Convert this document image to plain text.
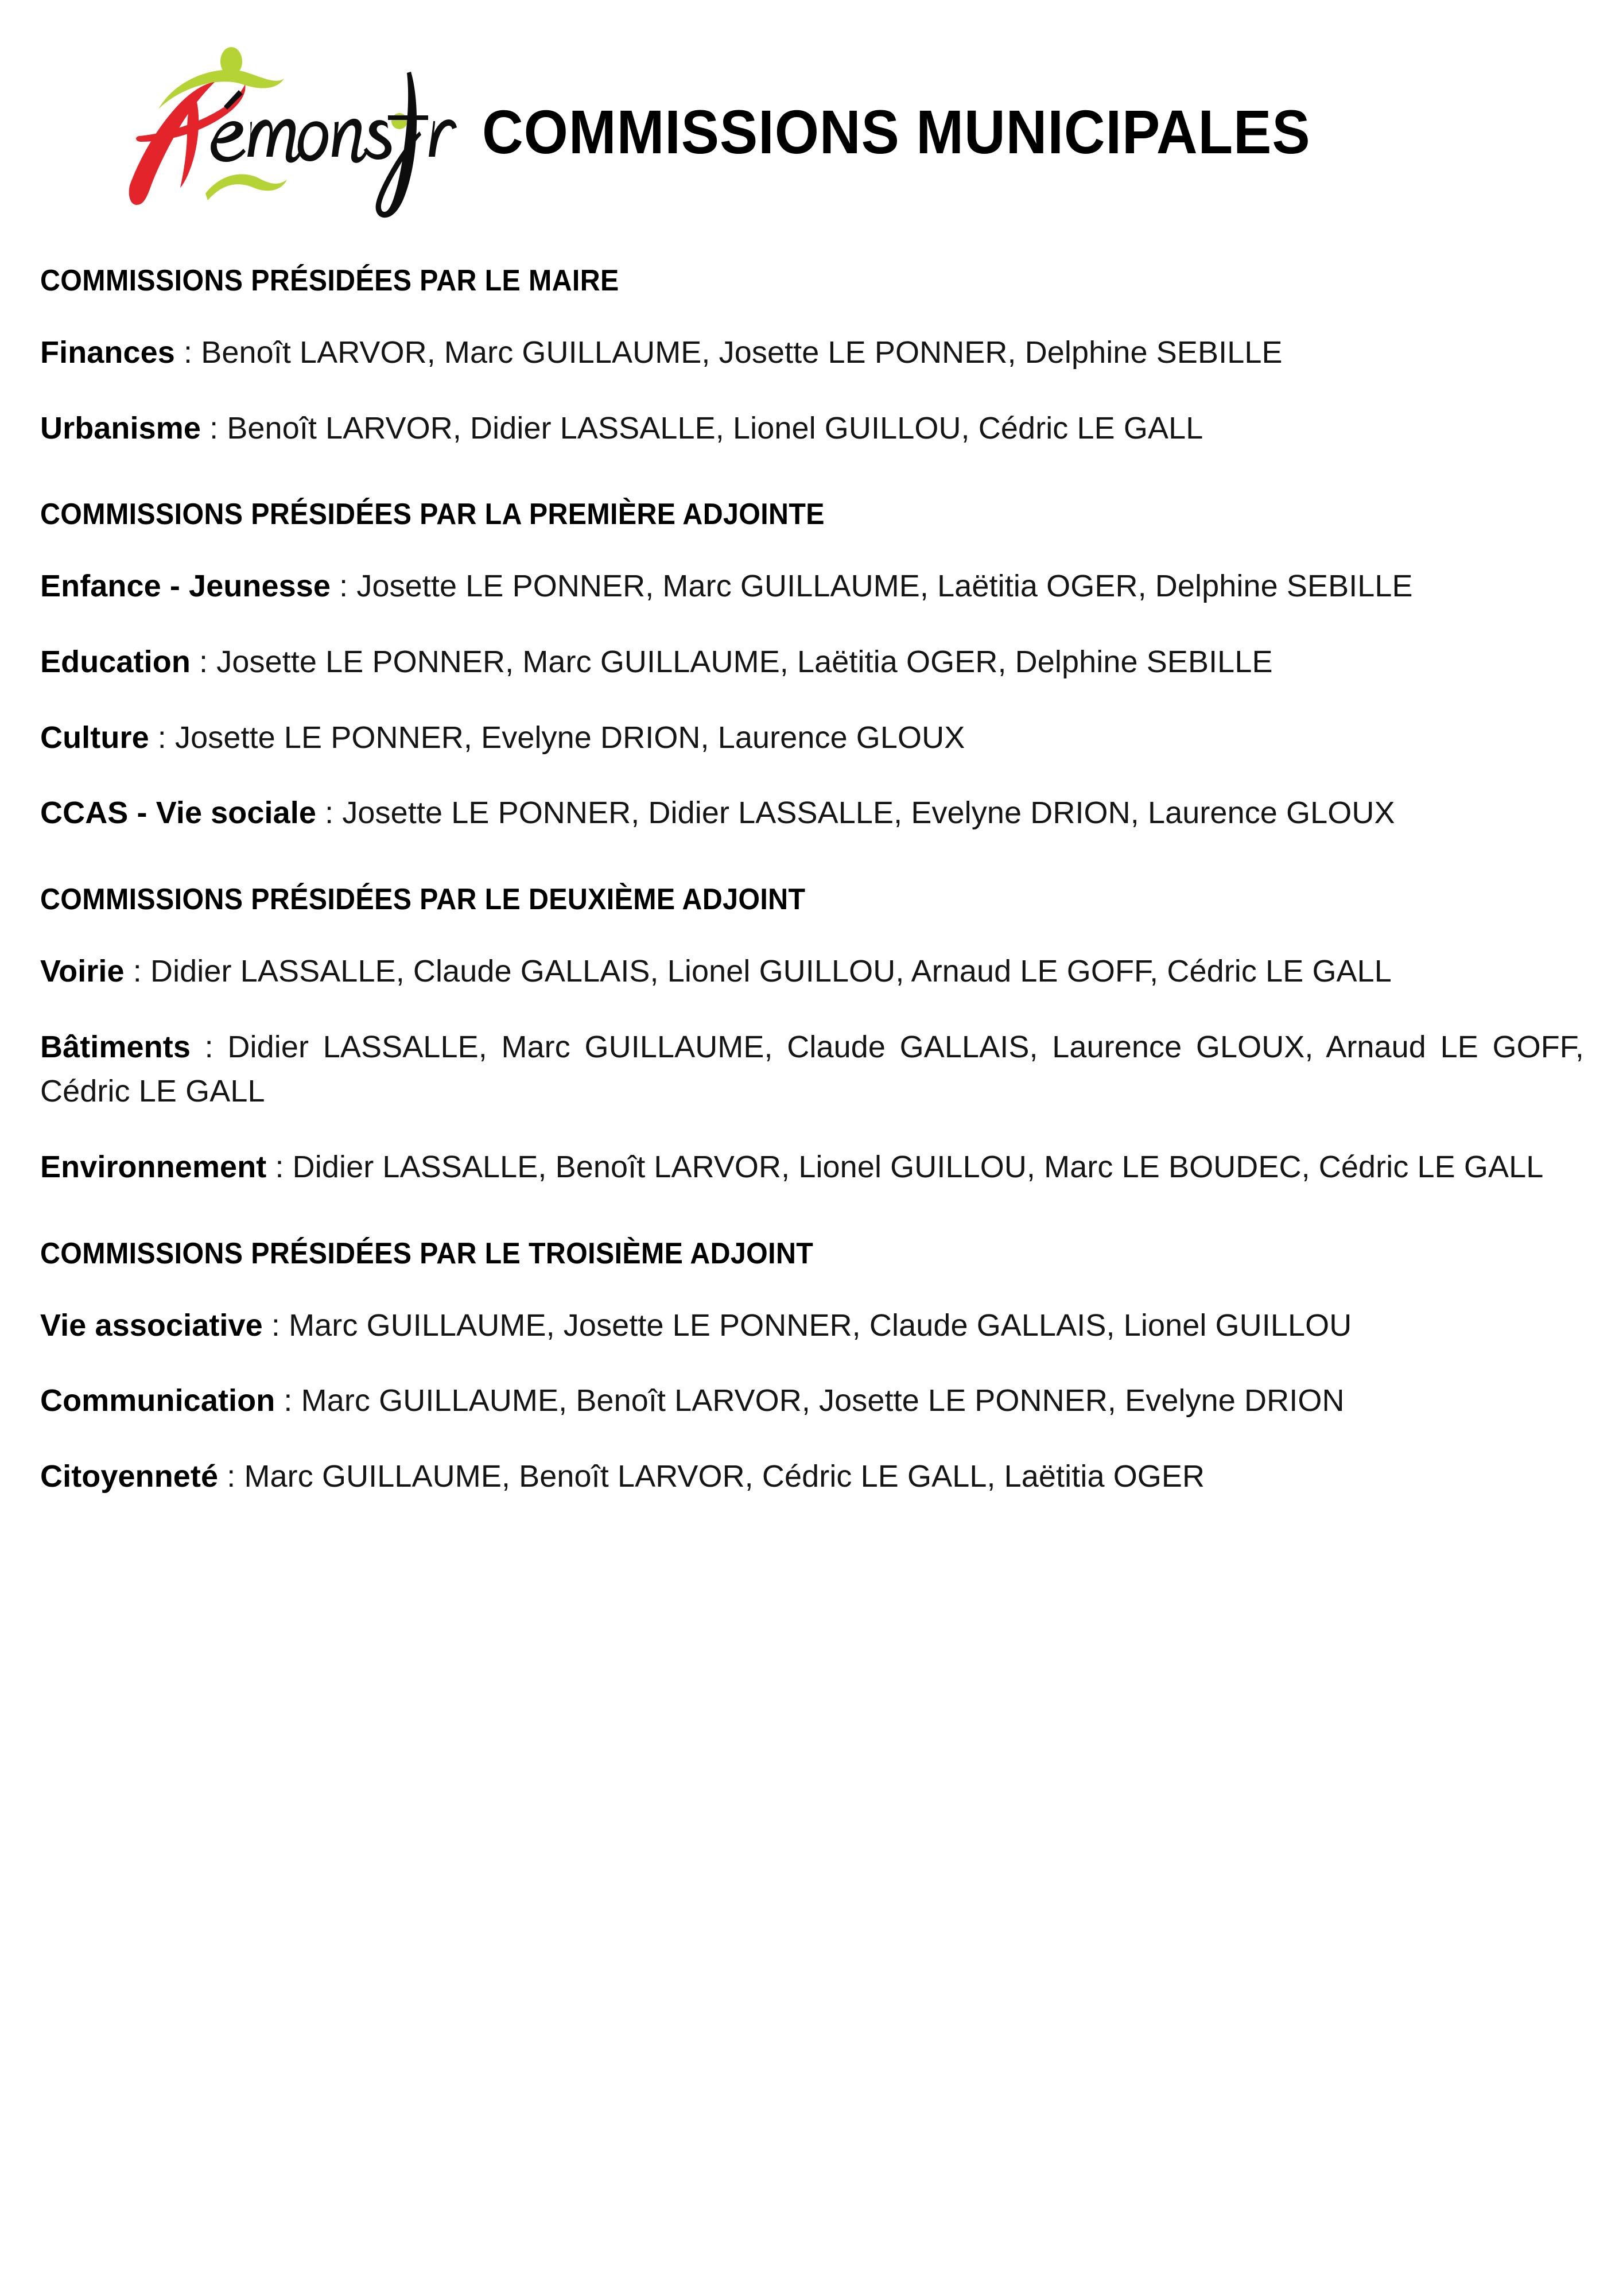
COMMISSIONS MUNICIPALES
COMMISSIONS PRÉSIDÉES PAR LE MAIRE

Finances : Benoît LARVOR, Marc GUILLAUME, Josette LE PONNER, Delphine SEBILLE

Urbanisme : Benoît LARVOR, Didier LASSALLE, Lionel GUILLOU, Cédric LE GALL

COMMISSIONS PRÉSIDÉES PAR LA PREMIÈRE ADJOINTE

Enfance - Jeunesse : Josette LE PONNER, Marc GUILLAUME, Laëtitia OGER, Delphine SEBILLE

Education : Josette LE PONNER, Marc GUILLAUME, Laëtitia OGER, Delphine SEBILLE

Culture : Josette LE PONNER, Evelyne DRION, Laurence GLOUX

CCAS - Vie sociale : Josette LE PONNER, Didier LASSALLE, Evelyne DRION, Laurence GLOUX

COMMISSIONS PRÉSIDÉES PAR LE DEUXIÈME ADJOINT

Voirie : Didier LASSALLE, Claude GALLAIS, Lionel GUILLOU, Arnaud LE GOFF, Cédric LE GALL

Bâtiments : Didier LASSALLE, Marc GUILLAUME, Claude GALLAIS, Laurence GLOUX, Arnaud LE GOFF, Cédric LE GALL

Environnement : Didier LASSALLE, Benoît LARVOR, Lionel GUILLOU, Marc LE BOUDEC, Cédric LE GALL

COMMISSIONS PRÉSIDÉES PAR LE TROISIÈME ADJOINT

Vie associative : Marc GUILLAUME, Josette LE PONNER, Claude GALLAIS, Lionel GUILLOU

Communication : Marc GUILLAUME, Benoît LARVOR, Josette LE PONNER, Evelyne DRION

Citoyenneté : Marc GUILLAUME, Benoît LARVOR, Cédric LE GALL, Laëtitia OGER
